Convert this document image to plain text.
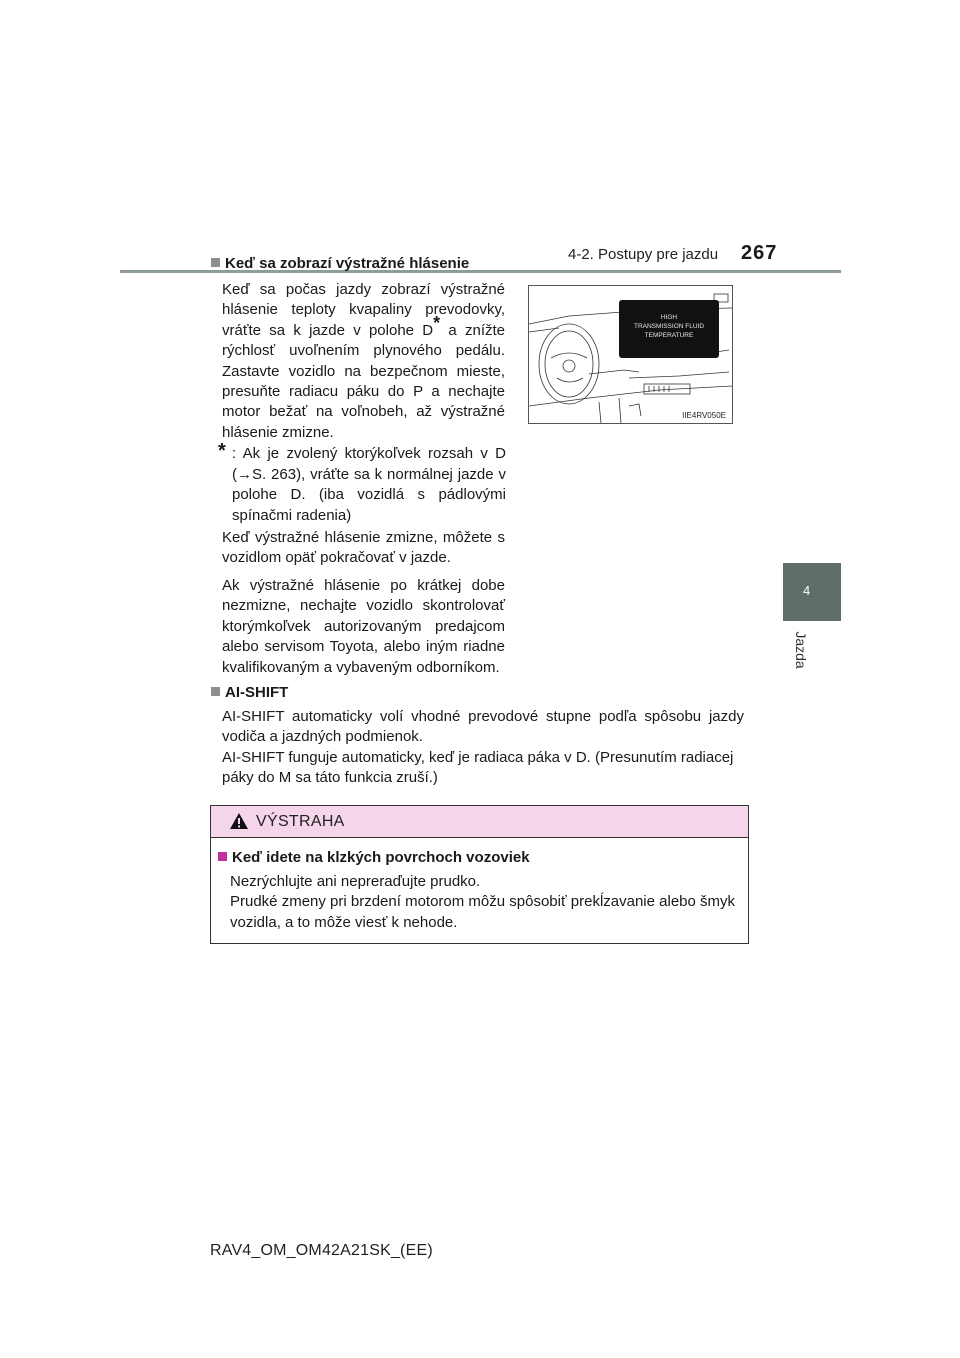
4-2. Postupy pre jazdu 267
4
Jazda
Keď sa zobrazí výstražné hlásenie

Keď sa počas jazdy zobrazí výstražné hlásenie teploty kvapaliny prevodovky, vráťte sa k jazde v polohe D* a znížte rýchlosť uvoľnením plynového pedálu. Zastavte vozidlo na bezpečnom mieste, presuňte radiacu páku do P a nechajte motor bežať na voľnobeh, až výstražné hlásenie zmizne.

* : Ak je zvolený ktorýkoľvek rozsah v D (→S. 263), vráťte sa k normálnej jazde v polohe D. (iba vozidlá s pádlovými spínačmi radenia)

Keď výstražné hlásenie zmizne, môžete s vozidlom opäť pokračovať v jazde.

Ak výstražné hlásenie po krátkej dobe nezmizne, nechajte vozidlo skontrolovať ktorýmkoľvek autorizovaným predajcom alebo servisom Toyota, alebo iným riadne kvalifikovaným a vybaveným odborníkom.

HIGH
TRANSMISSION FLUID
TEMPERATURE
IIE4RV050E
AI-SHIFT

AI-SHIFT automaticky volí vhodné prevodové stupne podľa spôsobu jazdy vodiča a jazdných podmienok.

AI-SHIFT funguje automaticky, keď je radiaca páka v D. (Presunutím radiacej páky do M sa táto funkcia zruší.)

VÝSTRAHA
Keď idete na klzkých povrchoch vozoviek
Nezrýchlujte ani neprerаďujte prudko.
Prudké zmeny pri brzdení motorom môžu spôsobiť prekĺzavanie alebo šmyk vozidla, a to môže viesť k nehode.
RAV4_OM_OM42A21SK_(EE)
